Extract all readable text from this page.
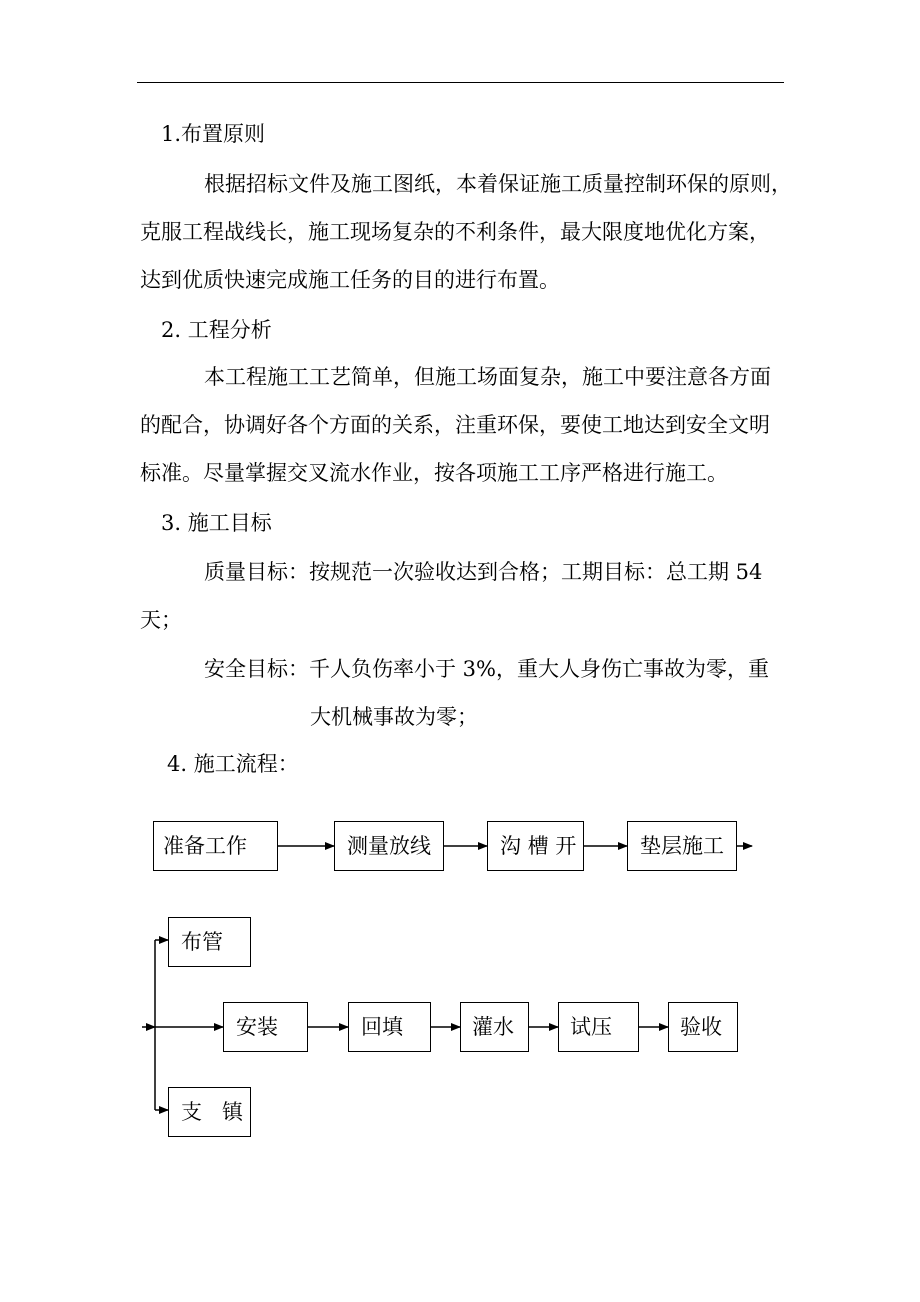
1.布置原则
根据招标文件及施工图纸，本着保证施工质量控制环保的原则，
克服工程战线长，施工现场复杂的不利条件，最大限度地优化方案，
达到优质快速完成施工任务的目的进行布置。
2. 工程分析
本工程施工工艺简单，但施工场面复杂，施工中要注意各方面
的配合，协调好各个方面的关系，注重环保，要使工地达到安全文明
标准。尽量掌握交叉流水作业，按各项施工工序严格进行施工。
3. 施工目标
质量目标：按规范一次验收达到合格；工期目标：总工期 54
天；
安全目标：千人负伤率小于 3%，重大人身伤亡事故为零，重
大机械事故为零；
4. 施工流程：
准备工作	测量放线	沟 槽 开	垫层施工
布管
安装	回填	灌水	试压	验收
支   镇
